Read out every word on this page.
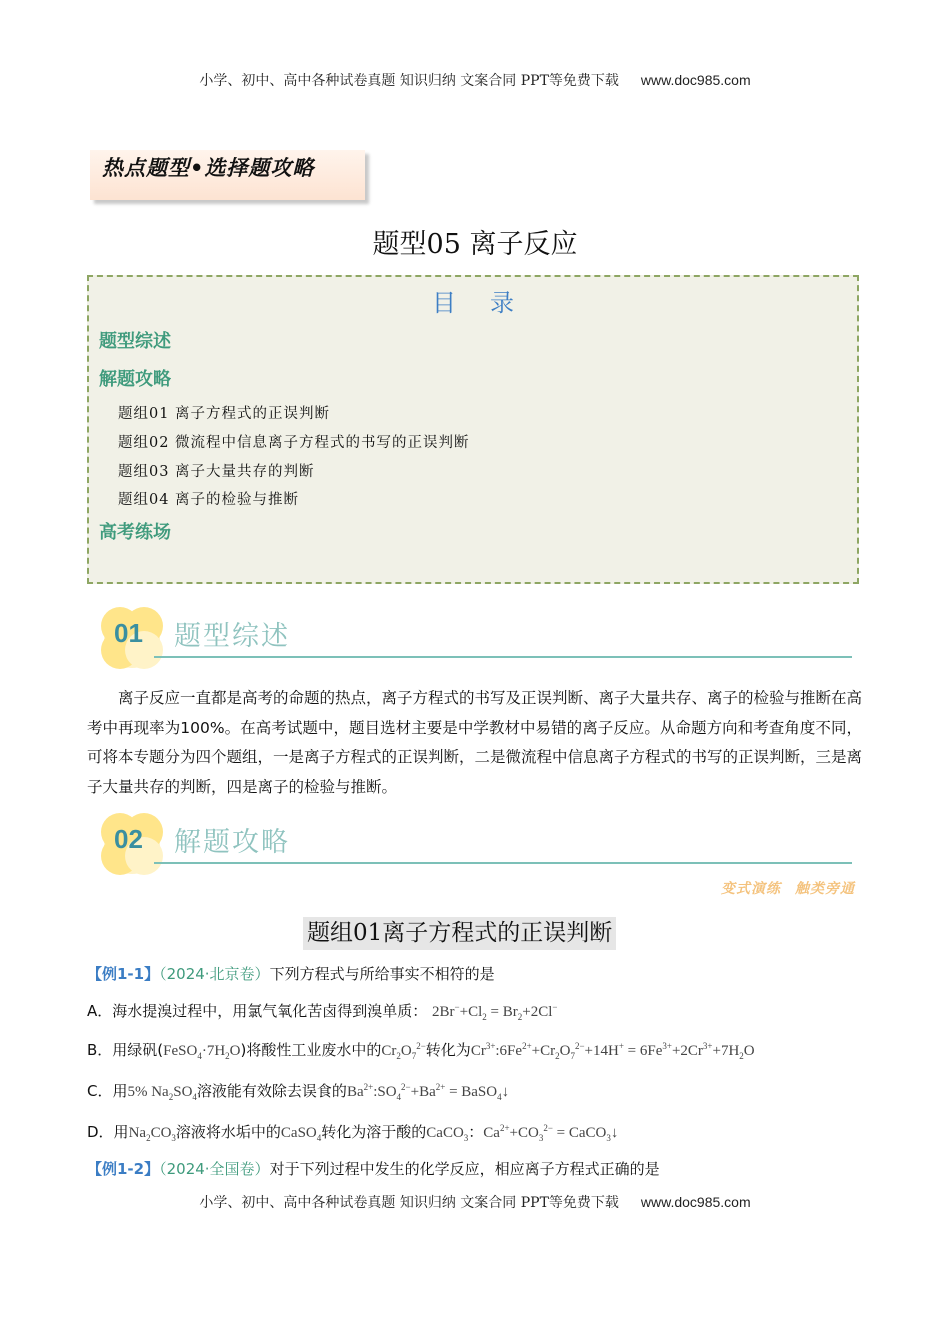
小学、初中、高中各种试卷真题 知识归纳 文案合同 PPT等免费下载 www.doc985.com
热点题型•选择题攻略
题型05 离子反应
目录
题型综述
解题攻略
题组01 离子方程式的正误判断
题组02 微流程中信息离子方程式的书写的正误判断
题组03 离子大量共存的判断
题组04 离子的检验与推断
高考练场
01 题型综述

离子反应一直都是高考的命题的热点，离子方程式的书写及正误判断、离子大量共存、离子的检验与推断在高考中再现率为100%。在高考试题中，题目选材主要是中学教材中易错的离子反应。从命题方向和考查角度不同，可将本专题分为四个题组，一是离子方程式的正误判断，二是微流程中信息离子方程式的书写的正误判断，三是离子大量共存的判断，四是离子的检验与推断。

02 解题攻略
变式演练 触类旁通
题组01离子方程式的正误判断
【例1-1】（2024·北京卷）下列方程式与所给事实不相符的是
A．海水提溴过程中，用氯气氧化苦卤得到溴单质： $2Br^-+Cl_2 = Br_2+2Cl^-$
B．用绿矾$(FeSO_4\cdot 7H_2O)$将酸性工业废水中的$Cr_2O_7^{2-}$转化为$Cr^{3+}:6Fe^{2+}+Cr_2O_7^{2-}+14H^+ = 6Fe^{3+}+2Cr^{3+}+7H_2O$
C．用5% $Na_2SO_4$溶液能有效除去误食的$Ba^{2+}:SO_4^{2-}+Ba^{2+}$ = BaSO$_4$↓
D．用$Na_2CO_3$溶液将水垢中的CaSO$_4$转化为溶于酸的CaCO$_3$：$Ca^{2+}+CO_3^{2-}$ = CaCO$_3$↓
【例1-2】（2024·全国卷）对于下列过程中发生的化学反应，相应离子方程式正确的是
小学、初中、高中各种试卷真题 知识归纳 文案合同 PPT等免费下载 www.doc985.com
